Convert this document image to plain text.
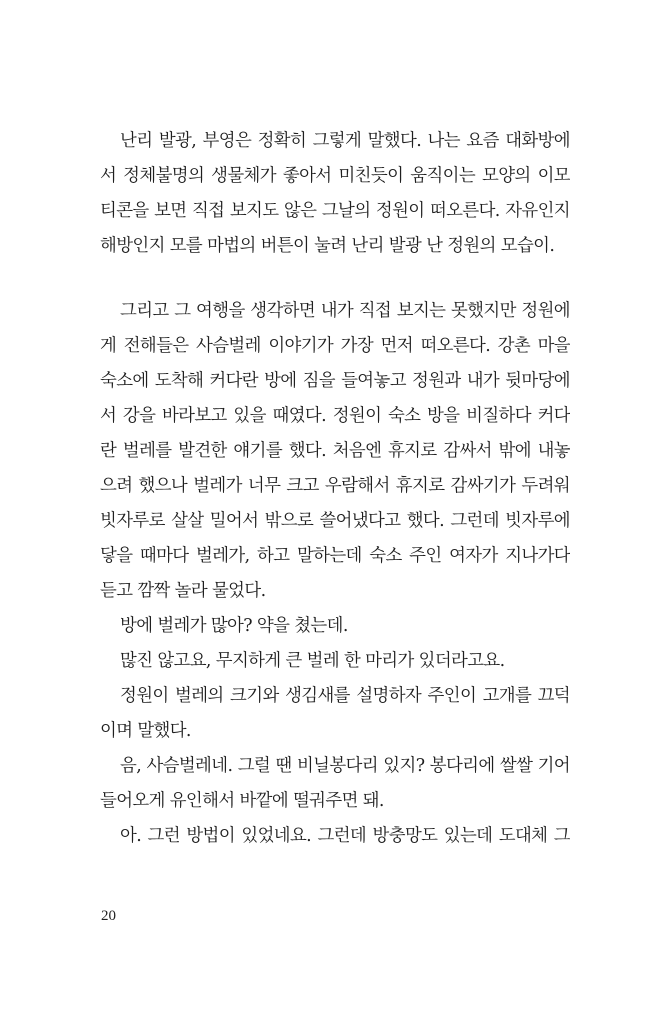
난리 발광, 부영은 정확히 그렇게 말했다. 나는 요즘 대화방에
서 정체불명의 생물체가 좋아서 미친듯이 움직이는 모양의 이모
티콘을 보면 직접 보지도 않은 그날의 정원이 떠오른다. 자유인지
해방인지 모를 마법의 버튼이 눌려 난리 발광 난 정원의 모습이.
그리고 그 여행을 생각하면 내가 직접 보지는 못했지만 정원에
게 전해들은 사슴벌레 이야기가 가장 먼저 떠오른다. 강촌 마을
숙소에 도착해 커다란 방에 짐을 들여놓고 정원과 내가 뒷마당에
서 강을 바라보고 있을 때였다. 정원이 숙소 방을 비질하다 커다
란 벌레를 발견한 얘기를 했다. 처음엔 휴지로 감싸서 밖에 내놓
으려 했으나 벌레가 너무 크고 우람해서 휴지로 감싸기가 두려워
빗자루로 살살 밀어서 밖으로 쓸어냈다고 했다. 그런데 빗자루에
닿을 때마다 벌레가, 하고 말하는데 숙소 주인 여자가 지나가다
듣고 깜짝 놀라 물었다.
방에 벌레가 많아? 약을 쳤는데.
많진 않고요, 무지하게 큰 벌레 한 마리가 있더라고요.
정원이 벌레의 크기와 생김새를 설명하자 주인이 고개를 끄덕
이며 말했다.
음, 사슴벌레네. 그럴 땐 비닐봉다리 있지? 봉다리에 쌀쌀 기어
들어오게 유인해서 바깥에 떨궈주면 돼.
아. 그런 방법이 있었네요. 그런데 방충망도 있는데 도대체 그
20
